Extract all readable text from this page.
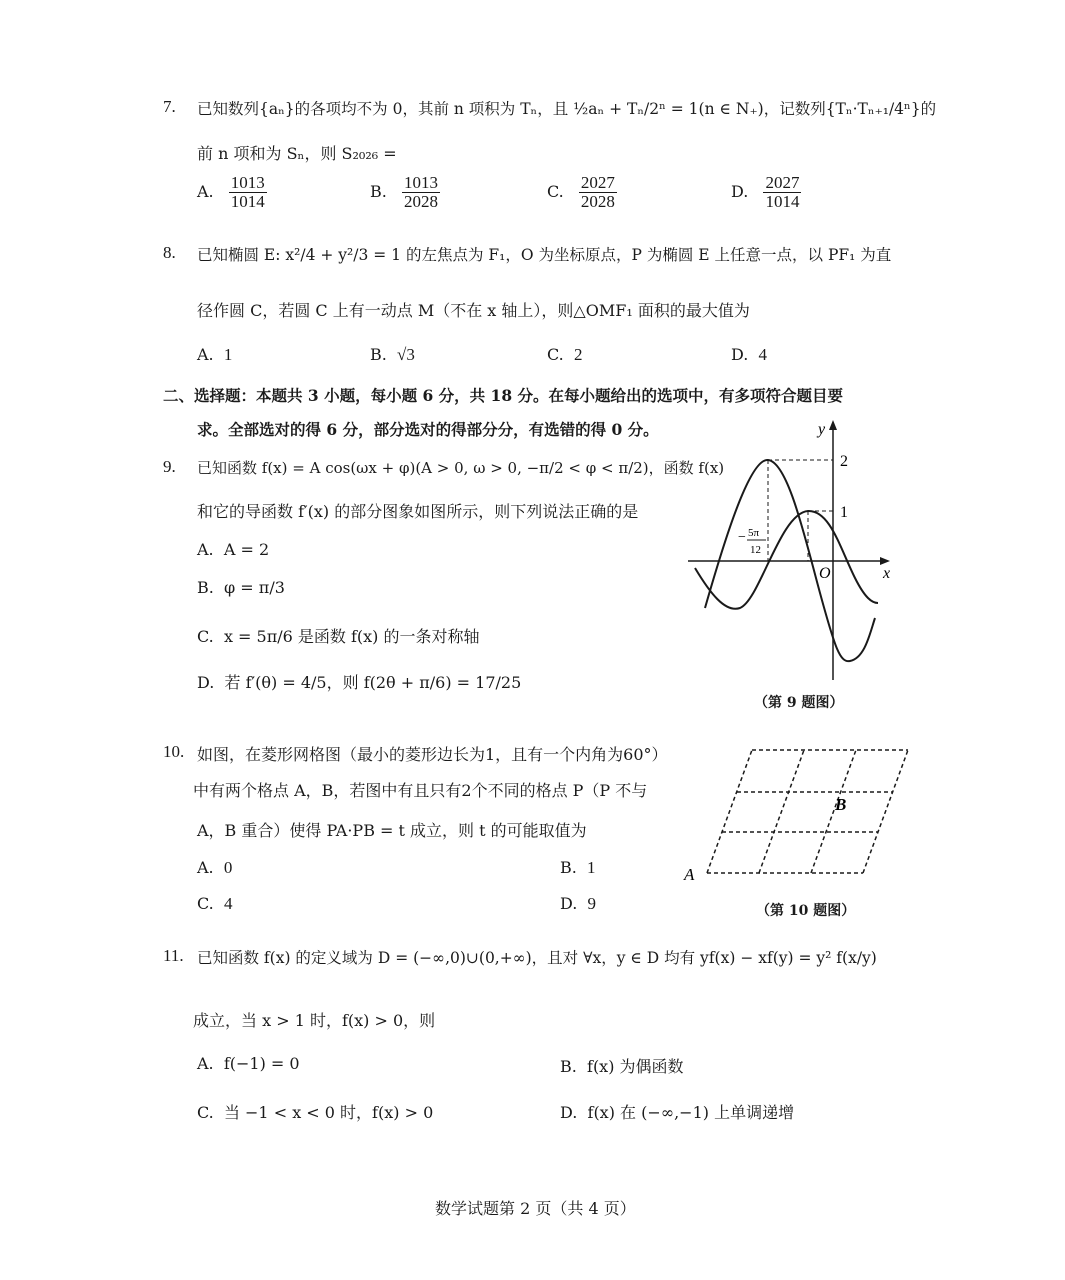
7. 已知数列{aₙ}的各项均不为 0，其前 n 项积为 Tₙ，且 ½aₙ + Tₙ/2ⁿ = 1(n ∈ N₊)，记数列{Tₙ·Tₙ₊₁/4ⁿ}的
前 n 项和为 Sₙ，则 S₂₀₂₆ =
A. $\frac{1013}{1014}$	B. $\frac{1013}{2028}$	C. $\frac{2027}{2028}$	D. $\frac{2027}{1014}$
8. 已知椭圆 E: x²/4 + y²/3 = 1 的左焦点为 F₁，O 为坐标原点，P 为椭圆 E 上任意一点，以 PF₁ 为直
径作圆 C，若圆 C 上有一动点 M（不在 x 轴上），则△OMF₁ 面积的最大值为
A. 1	B. √3	C. 2	D. 4
二、选择题：本题共 3 小题，每小题 6 分，共 18 分。在每小题给出的选项中，有多项符合题目要
求。全部选对的得 6 分，部分选对的得部分分，有选错的得 0 分。
9. 已知函数 f(x) = A cos(ωx + φ)(A > 0, ω > 0, −π/2 < φ < π/2)，函数 f(x)
和它的导函数 f′(x) 的部分图象如图所示，则下列说法正确的是
A. A = 2
B. φ = π/3
C. x = 5π/6 是函数 f(x) 的一条对称轴
D. 若 f′(θ) = 4/5，则 f(2θ + π/6) = 17/25
y
x
O
2
1
− 5π
12
（第 9 题图）
10. 如图，在菱形网格图（最小的菱形边长为1，且有一个内角为60°）
中有两个格点 A，B，若图中有且只有2个不同的格点 P（P 不与
A，B 重合）使得 PA·PB = t 成立，则 t 的可能取值为
A. 0	B. 1
C. 4	D. 9
A
B
（第 10 题图）
11. 已知函数 f(x) 的定义域为 D = (−∞,0)∪(0,+∞)，且对 ∀x，y ∈ D 均有 yf(x) − xf(y) = y² f(x/y)
成立，当 x > 1 时，f(x) > 0，则
A. f(−1) = 0	B. f(x) 为偶函数
C. 当 −1 < x < 0 时，f(x) > 0	D. f(x) 在 (−∞,−1) 上单调递增
数学试题第 2 页（共 4 页）
